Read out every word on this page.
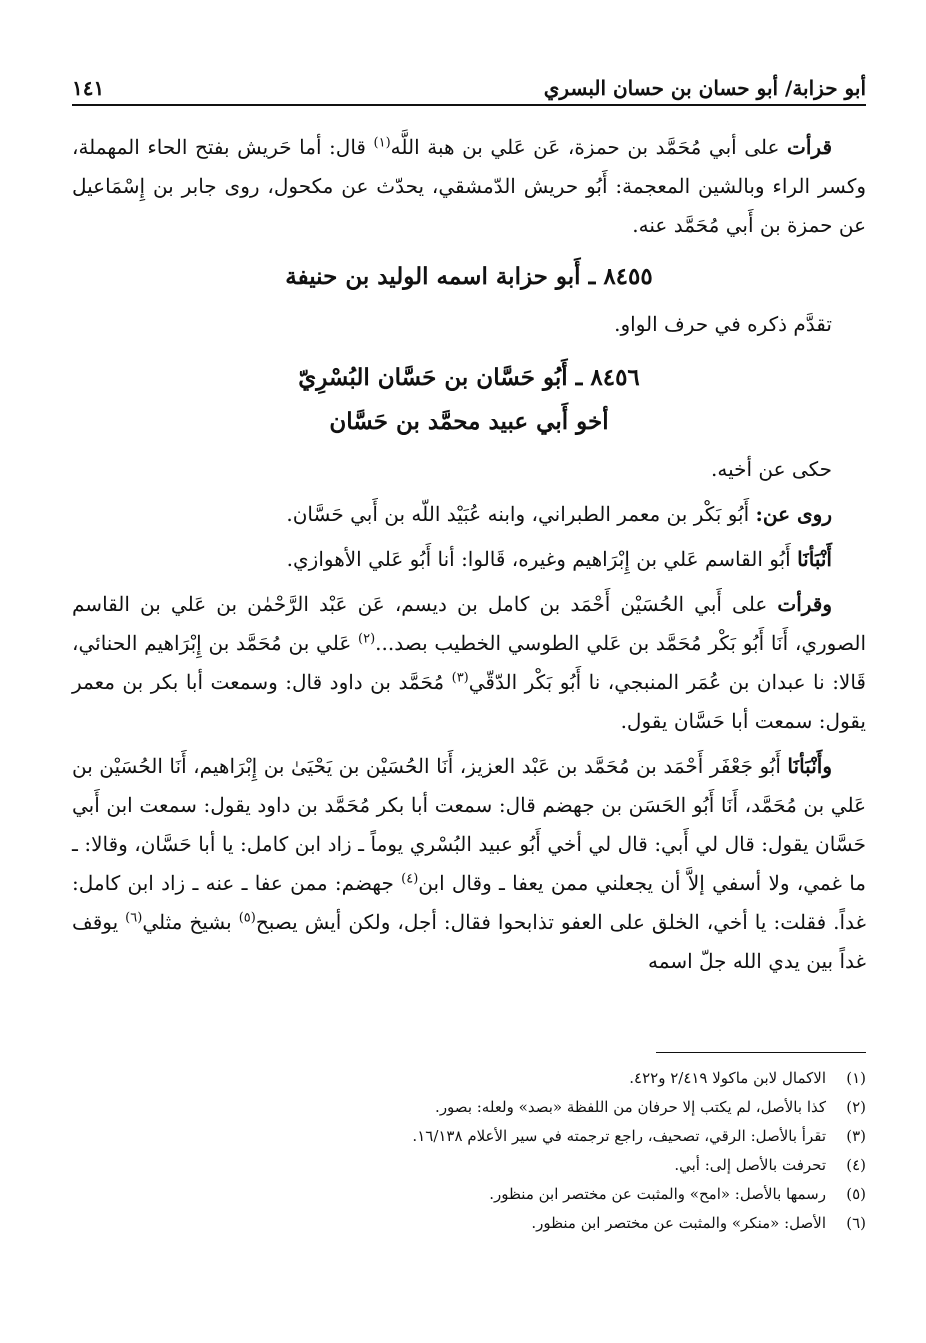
أبو حزابة/ أبو حسان بن حسان البسري
١٤١

قرأت على أبي مُحَمَّد بن حمزة، عَن عَلي بن هبة اللَّه$^{(١)}$ قال: أما حَريش بفتح الحاء المهملة، وكسر الراء وبالشين المعجمة: أَبُو حريش الدّمشقي، يحدّث عن مكحول، روى جابر بن إِسْمَاعيل عن حمزة بن أَبي مُحَمَّد عنه.

٨٤٥٥ ـ أَبو حزابة اسمه الوليد بن حنيفة

تقدَّم ذكره في حرف الواو.

٨٤٥٦ ـ أَبُو حَسَّان بن حَسَّان البُسْرِيّ
أخو أَبي عبيد محمَّد بن حَسَّان

حكى عن أخيه.

روى عن: أَبُو بَكْر بن معمر الطبراني، وابنه عُبَيْد اللّه بن أَبي حَسَّان.

أَنْبَأنَا أَبُو القاسم عَلي بن إِبْرَاهيم وغيره، قَالوا: أنا أَبُو عَلي الأهوازي.

وقرأت على أَبي الحُسَيْن أَحْمَد بن كامل بن ديسم، عَن عَبْد الرَّحْمٰن بن عَلي بن القاسم الصوري، أَنَا أَبُو بَكْر مُحَمَّد بن عَلي الطوسي الخطيب بصد...$^{(٢)}$ عَلي بن مُحَمَّد بن إِبْرَاهيم الحنائي، قَالا: نا عبدان بن عُمَر المنبجي، نا أَبُو بَكْر الدّقّي$^{(٣)}$ مُحَمَّد بن داود قال: وسمعت أبا بكر بن معمر يقول: سمعت أبا حَسَّان يقول.

وأَنْبَأنَا أَبُو جَعْفَر أَحْمَد بن مُحَمَّد بن عَبْد العزيز، أَنَا الحُسَيْن بن يَحْيَىٰ بن إِبْرَاهيم، أَنَا الحُسَيْن بن عَلي بن مُحَمَّد، أَنَا أَبُو الحَسَن بن جهضم قال: سمعت أبا بكر مُحَمَّد بن داود يقول: سمعت ابن أَبي حَسَّان يقول: قال لي أَبي: قال لي أخي أَبُو عبيد البُسْري يوماً ـ زاد ابن كامل: يا أبا حَسَّان، وقالا: ـ ما غمي، ولا أسفي إلاَّ أن يجعلني ممن يعفا ـ وقال ابن$^{(٤)}$ جهضم: ممن عفا ـ عنه ـ زاد ابن كامل: غداً. فقلت: يا أخي، الخلق على العفو تذابحوا فقال: أجل، ولكن أيش يصبح$^{(٥)}$ بشيخ مثلي$^{(٦)}$ يوقف غداً بين يدي الله جلّ اسمه

(١)
الاكمال لابن ماكولا ٢/٤١٩ و٤٢٢.
(٢)
كذا بالأصل، لم يكتب إلا حرفان من اللفظة «بصد» ولعله: بصور.
(٣)
تقرأ بالأصل: الرقي، تصحيف، راجع ترجمته في سير الأعلام ١٦/١٣٨.
(٤)
تحرفت بالأصل إلى: أبي.
(٥)
رسمها بالأصل: «امح» والمثبت عن مختصر ابن منظور.
(٦)
الأصل: «منكر» والمثبت عن مختصر ابن منظور.
